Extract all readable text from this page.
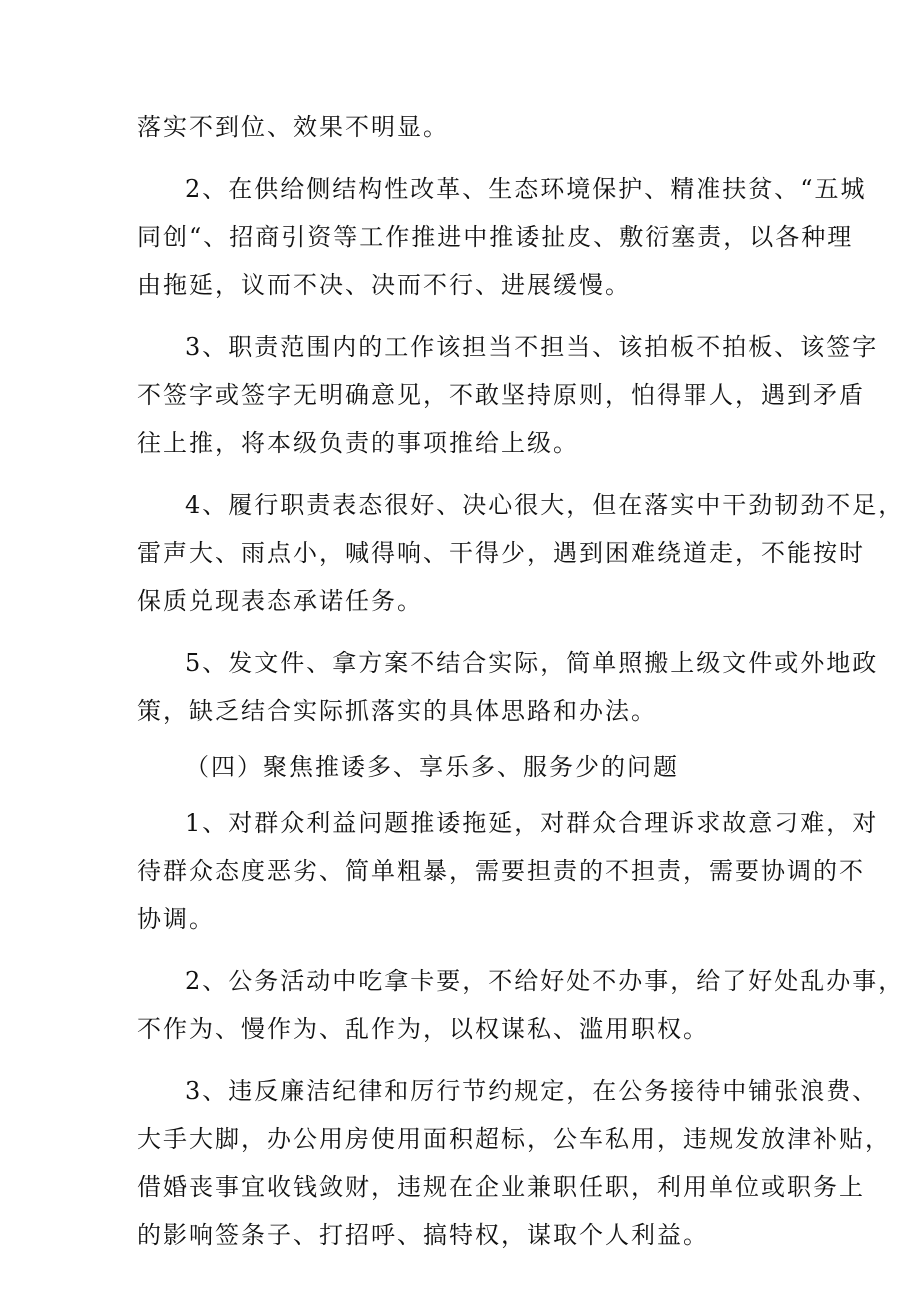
落实不到位、效果不明显。

2、在供给侧结构性改革、生态环境保护、精准扶贫、“五城
同创“、招商引资等工作推进中推诿扯皮、敷衍塞责，以各种理
由拖延，议而不决、决而不行、进展缓慢。

3、职责范围内的工作该担当不担当、该拍板不拍板、该签字
不签字或签字无明确意见，不敢坚持原则，怕得罪人，遇到矛盾
往上推，将本级负责的事项推给上级。

4、履行职责表态很好、决心很大，但在落实中干劲韧劲不足，
雷声大、雨点小，喊得响、干得少，遇到困难绕道走，不能按时
保质兑现表态承诺任务。

5、发文件、拿方案不结合实际，简单照搬上级文件或外地政
策，缺乏结合实际抓落实的具体思路和办法。

（四）聚焦推诿多、享乐多、服务少的问题

1、对群众利益问题推诿拖延，对群众合理诉求故意刁难，对
待群众态度恶劣、简单粗暴，需要担责的不担责，需要协调的不
协调。

2、公务活动中吃拿卡要，不给好处不办事，给了好处乱办事，
不作为、慢作为、乱作为，以权谋私、滥用职权。

3、违反廉洁纪律和厉行节约规定，在公务接待中铺张浪费、
大手大脚，办公用房使用面积超标，公车私用，违规发放津补贴，
借婚丧事宜收钱敛财，违规在企业兼职任职，利用单位或职务上
的影响签条子、打招呼、搞特权，谋取个人利益。
